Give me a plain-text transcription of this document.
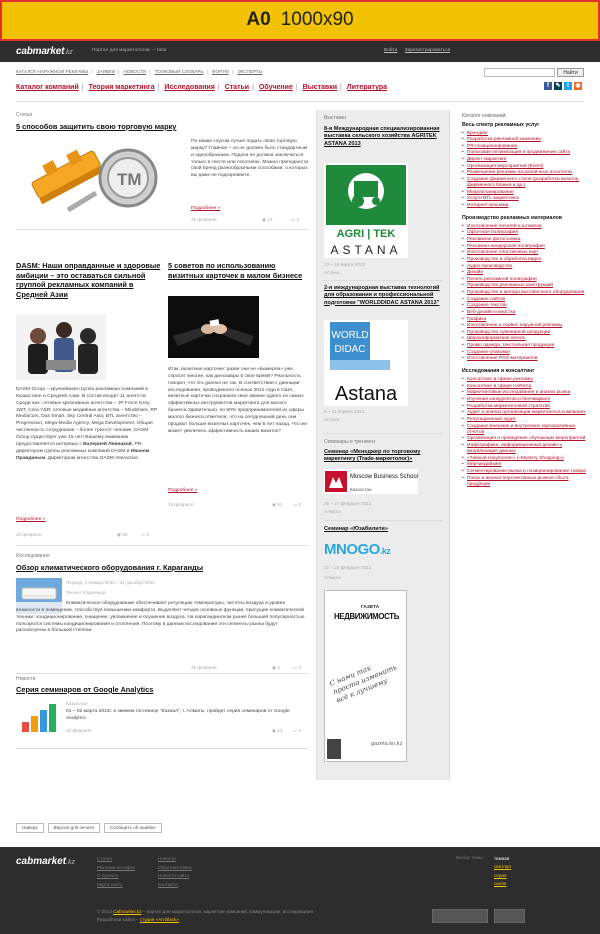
A0 1000x90
cabmarket.kz	Портал для маркетологов — beta	Войти Зарегистрироваться
КАТАЛОГ НАРУЖНОЙ РЕКЛАМЫ | ЗАЯВКИ | НОВОСТИ | ТОЛКОВЫЙ СЛОВАРЬ | ФОРУМ | ЭКСПЕРТЫ
Каталог компаний | Теория маркетинга | Исследования | Статьи | Обучение | Выставки | Литература
Найти
f	✎	t	◉
Статьи
5 способов защитить свою торговую марку
TM
По каким соусом лучше подать свою торговую марку? Главное – он не должен быть стандартным и однообразным. Подача не должна заключаться только в тексте или логотипах. Можно преподнести свой бренд разнообразными способами, о которых вы даже не подозреваете.
Подробнее »
25 февраля	◉ 13	▭ 0
DASM: Наши оправданные и здоровые амбиции – это оставаться сильной группой рекламных компаний в Средней Азии
DASM Group – крупнейшая группа рекламных компаний в Казахстане и Средней Азии. В состав входит 11 агентств. Среди них: сетевые креативные агентства – JP Force Grey, JWT, Crea Y&R; сетевые медийные агентства – Mindshare, RP Mediacom, Das Smart, Sky Central Asia; BTL агентство – Progression, Mega Media Agency, Mega Development. Общая численность сотрудников – более трехсот человек. DASM Group существует уже 15 лет! Вашему вниманию предоставляется интервью с Валерией Левицкой, PR-директором группы рекламных компаний DASM и Иваном Правдиным, Директором агентства DASM Interactive.
Подробнее »
20 февраля	◉ 50	▭ 0
5 советов по использованию визитных карточек в малом бизнесе
Итак, визитные карточки: разве они не «вымерли» уже, спросят многие, как динозавры в свое время? Реальность говорит, что это далеко не так. В соответствии с данными исследования, проведенного осенью 2012 года в США, визитные карточки сохранили свое звание одного из самых эффективных инструментов маркетинга для малого бизнеса.Удивительно, но 60% предпринимателей из сферы малого бизнеса отметили, что на сегодняшний день они продают больше визитных карточек, чем 5 лет назад. Что же может увеличить эффективность ваших визиток?
Подробнее »
18 февраля	◉ 51 ▭ 0
Исследования
Обзор климатического оборудования г. Караганды
Период: 1 января 2011 – 31 декабря 2011
Регион: Караганда
Климатическое оборудование обеспечивает регуляцию температуры, чистоты воздуха и уровня влажности в помещении, способствуя повышению комфорта. Выделяют четыре основные функции, присущие климатической технике: кондиционирование, очищение, увлажнение и осушение воздуха. На карагандинском рынке большей популярностью пользуются системы кондиционирования и отопления. Поэтому в данном исследовании эти сегменты рынка будут рассмотрены в большей степени.
25 февраля	◉ 2	▭ 0
Новости
Серия семинаров от Google Analytics
Казахстан
01 – 02 марта 2013г. в зимнем гостинице "Казжол", г. Алматы, пройдет серия семинаров от Google Analytics.
25 февраля	◉ 14 ▭ 0
Выставки
8-я Международная специализированная выставка сельского хозяйства AGRITEK ASTANA 2013
AGRI | TEK
ASTANA
13 – 15 марта 2013
Астана
2-я международная выставка технологий для образования и профессиональной подготовки "WORLDDIDAC ASTANA 2013"
WORLD
DIDAC
Astana
9 – 11 апреля 2013
Астана
Семинары и тренинги
Семинар «Менеджер по торговому маркетингу (Trade-маркетолог)»
Moscow Business School
Казахстан
25 – 27 февраля 2013
Алматы
Семинар «Юзабилити»
MNOGO.kz
22 – 24 февраля 2013
Алматы
ГАЗЕТА
НЕДВИЖИМОСТЬ
С нами так просто изменить всё к лучшему
gazeta.kn.kz
Каталог компаний:
Весь спектр рекламных услуг
• Брендинг
• Разработка рекламной кампании
• PR-позиционирование
• Поисковая оптимизация и продвижение сайта
• Директ-маркетинг
• Организация мероприятий (Event)
• Размещение рекламы на различных носителях
• Создание фирменного стиля (разработка визиток, фирменного бланка и др.)
• Медиапланирование
• Услуги BTL-маркетинга
• Интернет-реклама
Производство рекламных материалов
• Изготовление печатей и штампов
• Офсетная полиграфия
• Рекламная фотосъемка
• Рекламно-ниндерская полиграфия
• Изготовление пластиковых карт
• Производство и обработка видео
• Аудио производство
• Дизайн
• Печать рекламной полиграфии
• Производство рекламных конструкций
• Производство и аренда выставочного оборудования
• Создание сайтов
• Создание текстов
• Веб-дизайн и верстка
• Графика
• Изготовление и сервис наружной рекламы
• Производство сувенирной продукции
• Широкоформатная печать
• Промо одежда, текстильная продукция
• Создание упаковки
• Изготовление POS-материалов
Исследования и консалтинг
• Консалтинг в сфере рекламы
• Консалтинг в сфере HoReCa
• Маркетинговые исследования и анализ рынка
• Изучение конкурентов и бенчмаркинг
• Разработка маркетинговой стратегии
• Аудит и анализ организации маркетинга в компаниях
• Репутационный аудит
• Создание внешних и внутренних корпоративных отчетов
• Организация и проведение обучающих мероприятий
• Инфографика, информационный дизайн и визуализация данных
• «Тайный покупатель» («Mystery Shopping»)
• Мерчандайзинг
• Сегментирование рынка и позиционирование товара
• Поиск и анализ перспективных рынков сбыта продукции
Наверх	Версия для печати	Сообщить об ошибке
cabmarket.kz
Статьи
Реклама на сайте
О проекте
Карта сайта
Новости
Обратная связь
Новости сайта
Контакты
Выбор темы: темная
светлая
серая
синяя
© 2013 Cabmarket.kz – портал для маркетологов: маркетинг компаний, коммуникации, исследования
Разработка сайта – студия «Art Black»
